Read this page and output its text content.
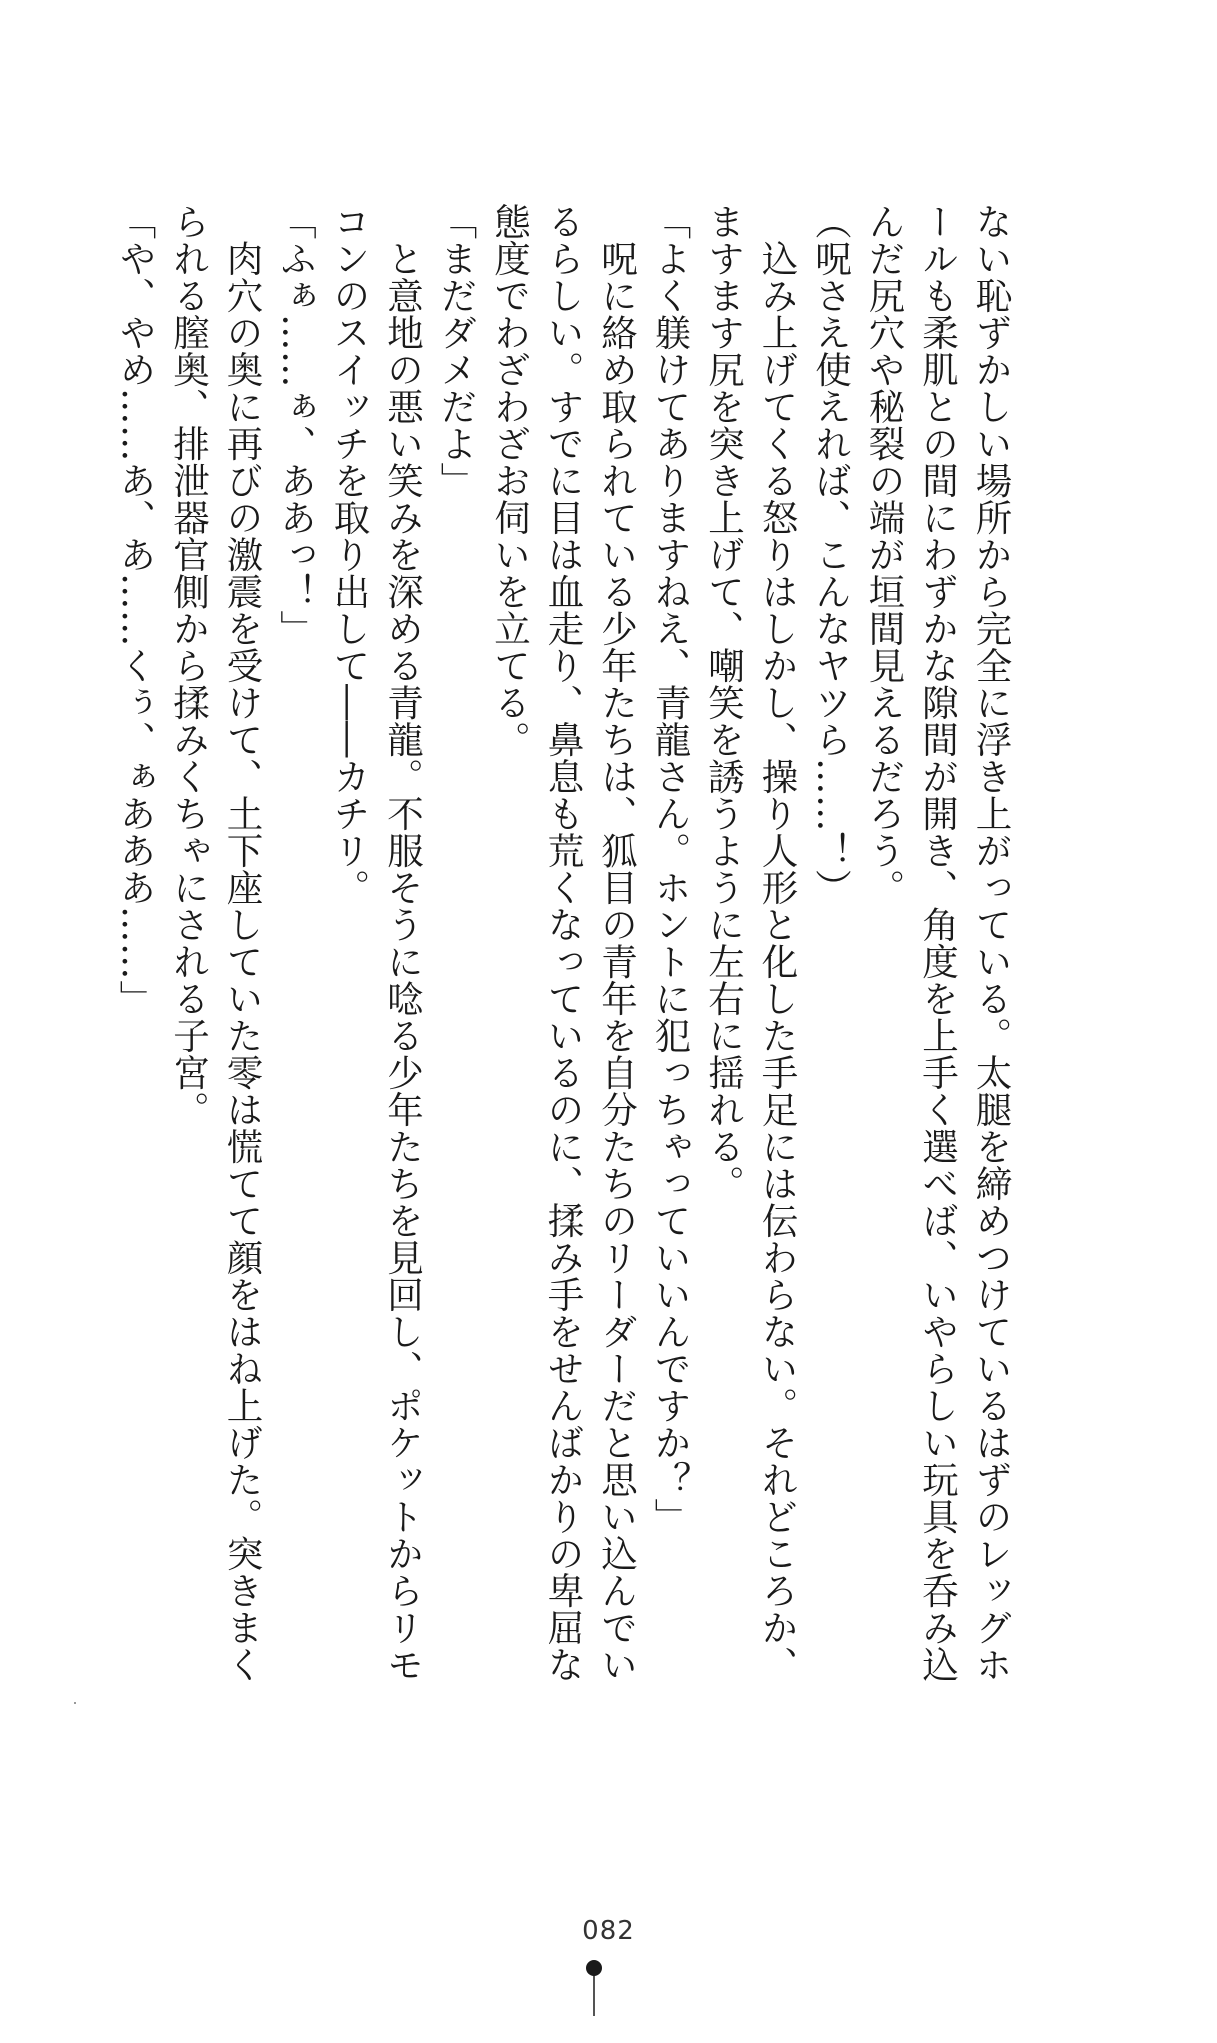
ない恥ずかしい場所から完全に浮き上がっている。太腿を締めつけているはずのレッグホ
ールも柔肌との間にわずかな隙間が開き、角度を上手く選べば、いやらしい玩具を呑み込
んだ尻穴や秘裂の端が垣間見えるだろう。
（呪さえ使えれば、こんなヤツら……！）
　込み上げてくる怒りはしかし、操り人形と化した手足には伝わらない。それどころか、
ますます尻を突き上げて、嘲笑を誘うように左右に揺れる。
「よく躾けてありますねえ、青龍さん。ホントに犯っちゃっていいんですか？」
　呪に絡め取られている少年たちは、狐目の青年を自分たちのリーダーだと思い込んでい
るらしい。すでに目は血走り、鼻息も荒くなっているのに、揉み手をせんばかりの卑屈な
態度でわざわざお伺いを立てる。
「まだダメだよ」
　と意地の悪い笑みを深める青龍。不服そうに唸る少年たちを見回し、ポケットからリモ
コンのスイッチを取り出して――カチリ。
「ふぁ……ぁ、ああっ！」
　肉穴の奥に再びの激震を受けて、土下座していた零は慌てて顔をはね上げた。突きまく
られる膣奥、排泄器官側から揉みくちゃにされる子宮。
「や、やめ……あ、あ……くぅ、ぁあああ……」
082
